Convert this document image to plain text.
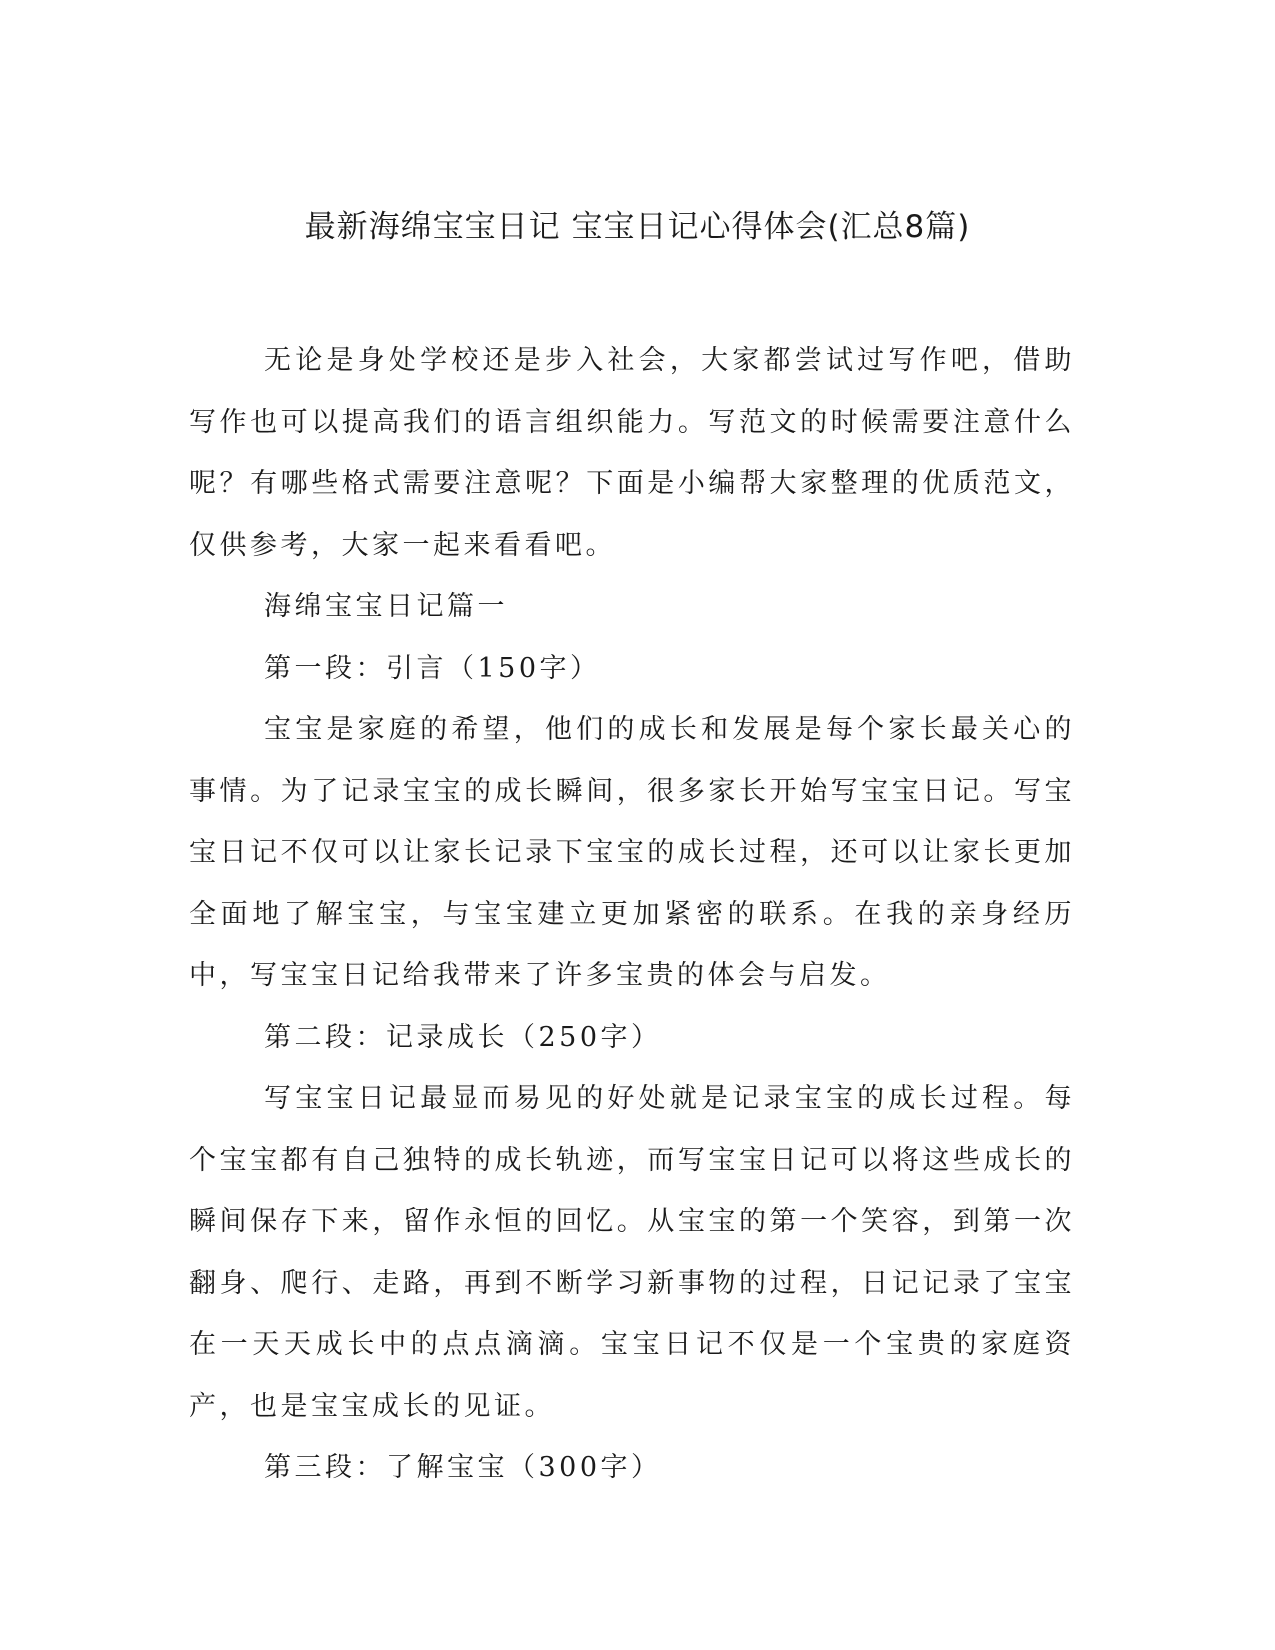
最新海绵宝宝日记 宝宝日记心得体会(汇总8篇)

无论是身处学校还是步入社会，大家都尝试过写作吧，借助写作也可以提高我们的语言组织能力。写范文的时候需要注意什么呢？有哪些格式需要注意呢？下面是小编帮大家整理的优质范文，仅供参考，大家一起来看看吧。

海绵宝宝日记篇一

第一段：引言（150字）

宝宝是家庭的希望，他们的成长和发展是每个家长最关心的事情。为了记录宝宝的成长瞬间，很多家长开始写宝宝日记。写宝宝日记不仅可以让家长记录下宝宝的成长过程，还可以让家长更加全面地了解宝宝，与宝宝建立更加紧密的联系。在我的亲身经历中，写宝宝日记给我带来了许多宝贵的体会与启发。

第二段：记录成长（250字）

写宝宝日记最显而易见的好处就是记录宝宝的成长过程。每个宝宝都有自己独特的成长轨迹，而写宝宝日记可以将这些成长的瞬间保存下来，留作永恒的回忆。从宝宝的第一个笑容，到第一次翻身、爬行、走路，再到不断学习新事物的过程，日记记录了宝宝在一天天成长中的点点滴滴。宝宝日记不仅是一个宝贵的家庭资产，也是宝宝成长的见证。

第三段：了解宝宝（300字）
